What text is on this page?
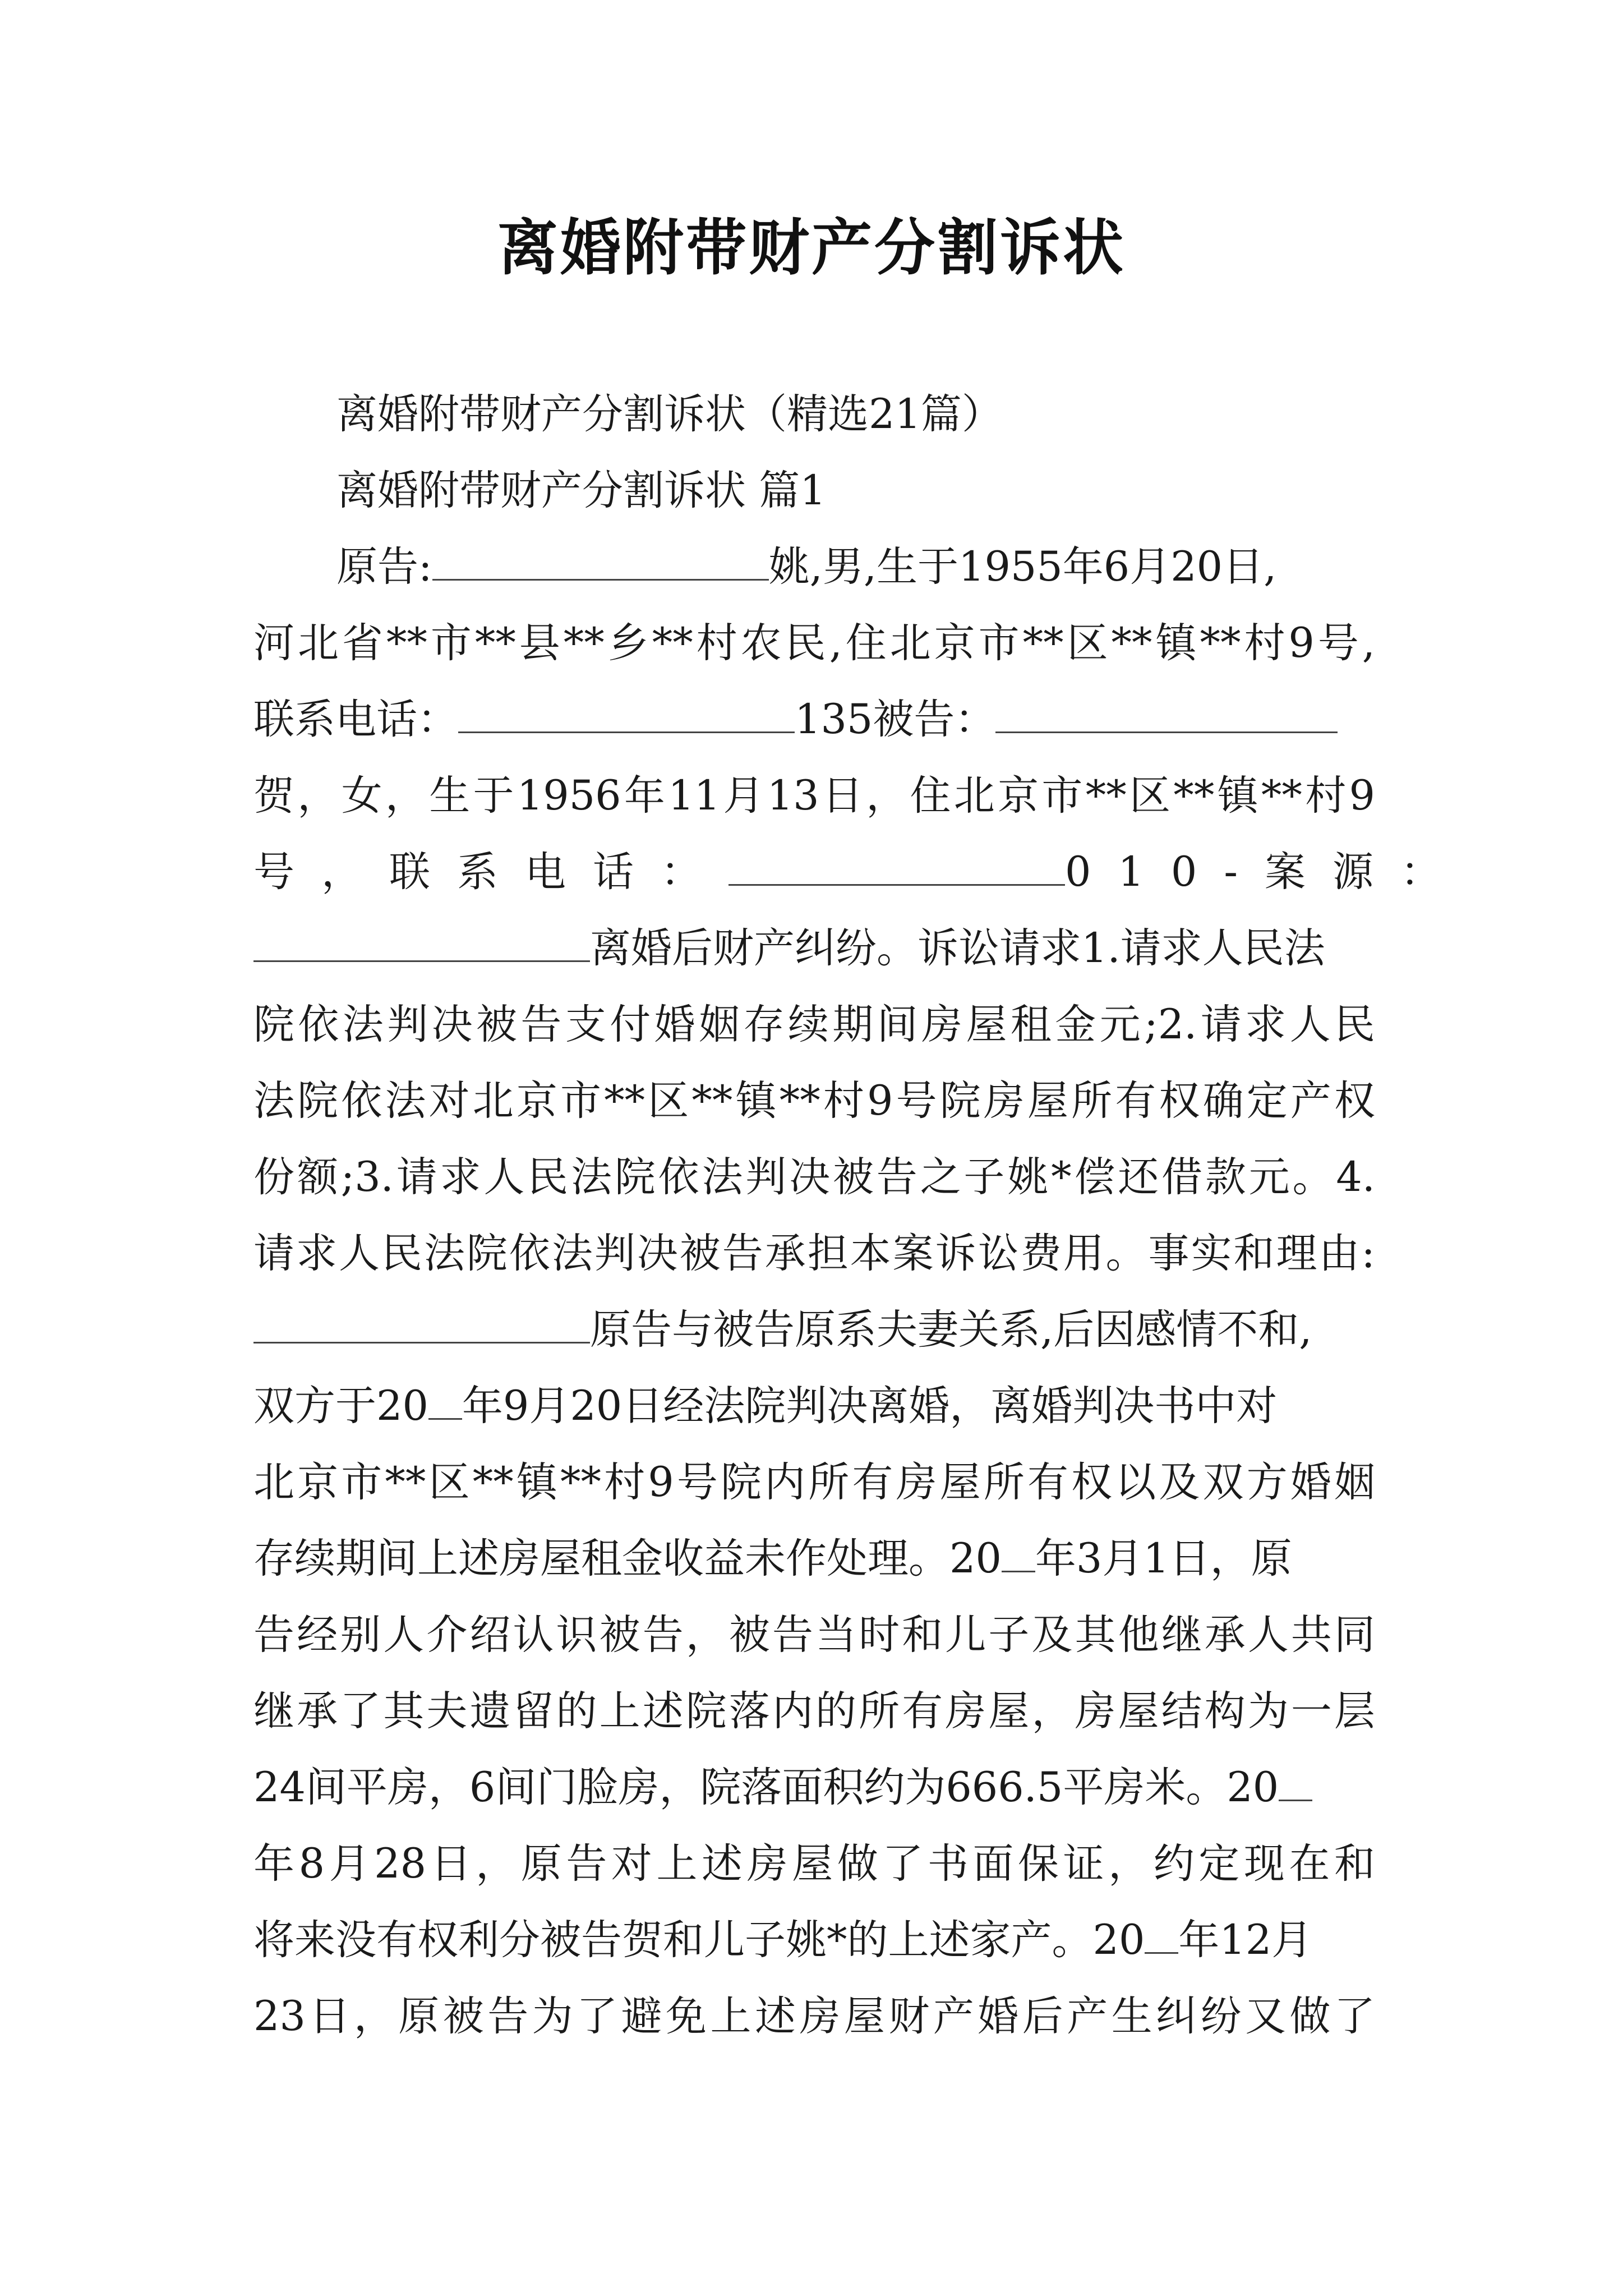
离婚附带财产分割诉状
离婚附带财产分割诉状（精选21篇）
离婚附带财产分割诉状 篇1
原告:	姚,男,生于1955年6月20日,
河北省**市**县**乡**村农民,住北京市**区**镇**村9号,
联系电话：	135被告：
贺，女，生于1956年11月13日，住北京市**区**镇**村9
号，联系电话：	010-案源：
离婚后财产纠纷。诉讼请求1.请求人民法
院依法判决被告支付婚姻存续期间房屋租金元;2.请求人民
法院依法对北京市**区**镇**村9号院房屋所有权确定产权
份额;3.请求人民法院依法判决被告之子姚*偿还借款元。4.
请求人民法院依法判决被告承担本案诉讼费用。事实和理由:
原告与被告原系夫妻关系,后因感情不和,
双方于20 年9月20日经法院判决离婚，离婚判决书中对
北京市**区**镇**村9号院内所有房屋所有权以及双方婚姻
存续期间上述房屋租金收益未作处理。20 年3月1日，原
告经别人介绍认识被告，被告当时和儿子及其他继承人共同
继承了其夫遗留的上述院落内的所有房屋，房屋结构为一层
24间平房，6间门脸房，院落面积约为666.5平房米。20
年8月28日，原告对上述房屋做了书面保证，约定现在和
将来没有权利分被告贺和儿子姚*的上述家产。20 年12月
23日，原被告为了避免上述房屋财产婚后产生纠纷又做了
